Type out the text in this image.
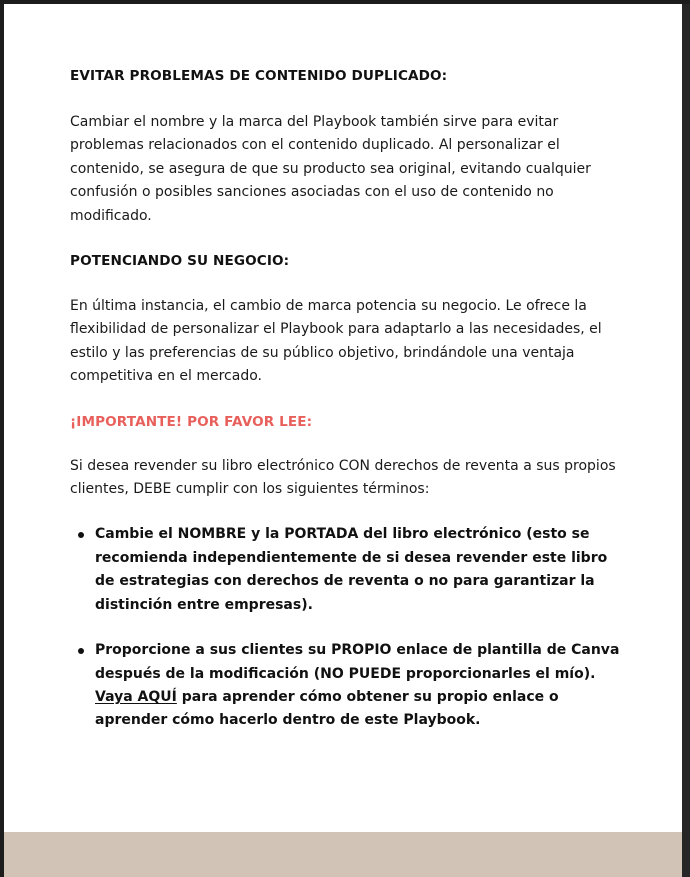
EVITAR PROBLEMAS DE CONTENIDO DUPLICADO:

Cambiar el nombre y la marca del Playbook también sirve para evitar problemas relacionados con el contenido duplicado. Al personalizar el contenido, se asegura de que su producto sea original, evitando cualquier confusión o posibles sanciones asociadas con el uso de contenido no modificado.

POTENCIANDO SU NEGOCIO:

En última instancia, el cambio de marca potencia su negocio. Le ofrece la flexibilidad de personalizar el Playbook para adaptarlo a las necesidades, el estilo y las preferencias de su público objetivo, brindándole una ventaja competitiva en el mercado.

¡IMPORTANTE! POR FAVOR LEE:

Si desea revender su libro electrónico CON derechos de reventa a sus propios clientes, DEBE cumplir con los siguientes términos:

Cambie el NOMBRE y la PORTADA del libro electrónico (esto se recomienda independientemente de si desea revender este libro de estrategias con derechos de reventa o no para garantizar la distinción entre empresas).
Proporcione a sus clientes su PROPIO enlace de plantilla de Canva después de la modificación (NO PUEDE proporcionarles el mío).
Vaya AQUÍ para aprender cómo obtener su propio enlace o aprender cómo hacerlo dentro de este Playbook.
